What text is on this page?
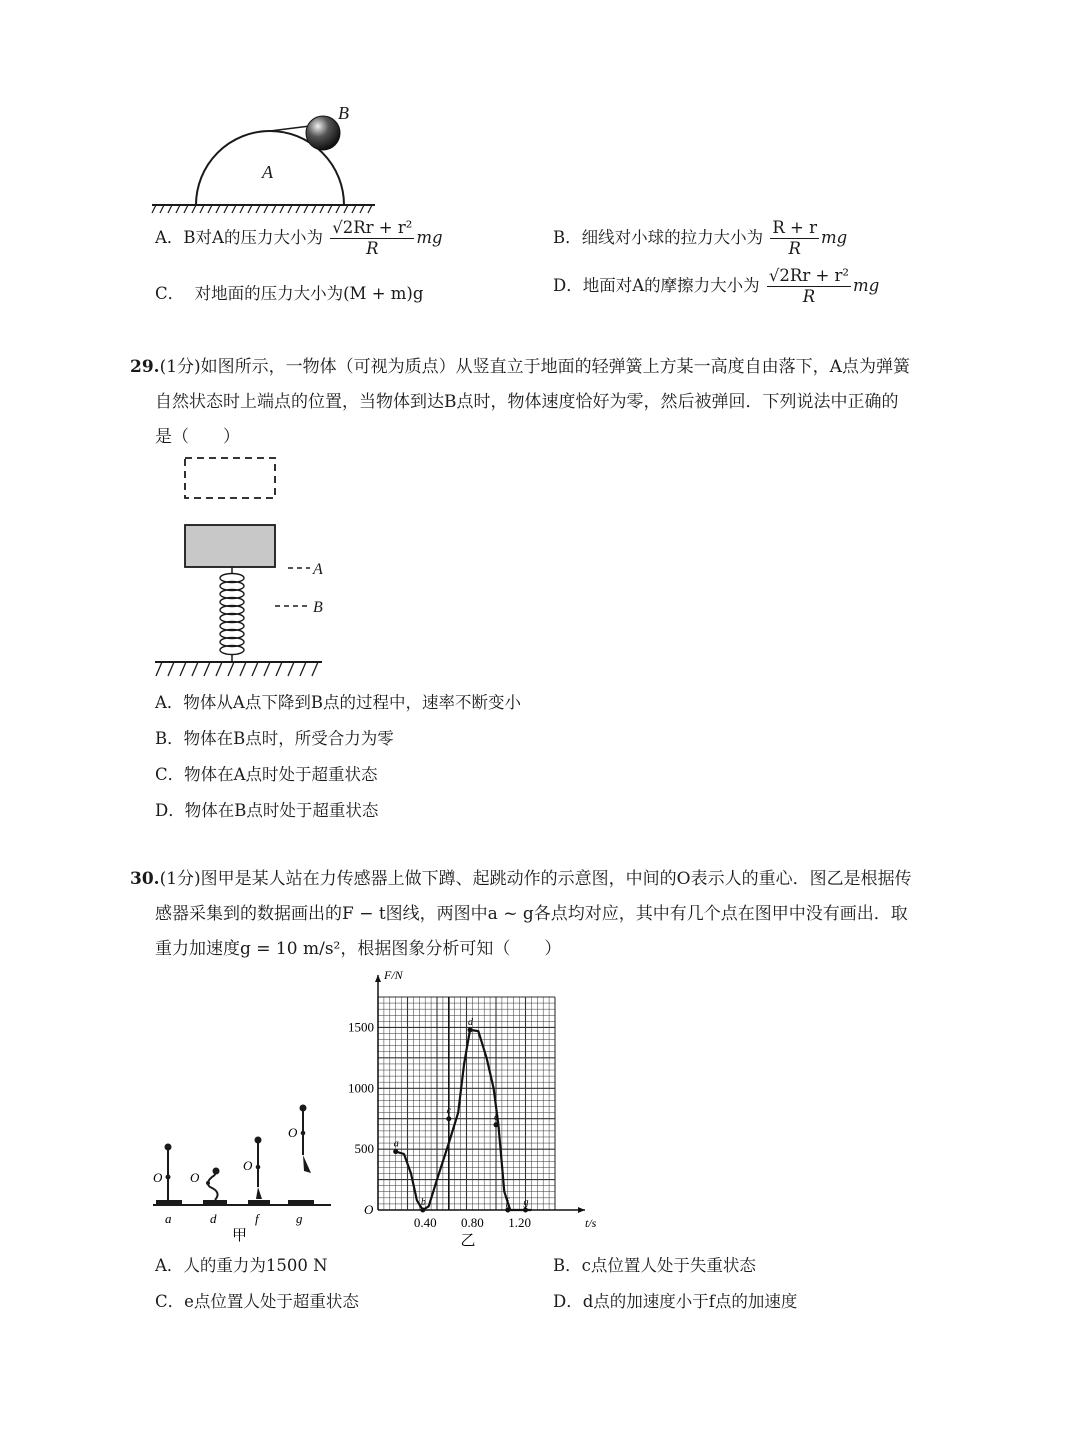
A
B
A．B对A的压力大小为 $\frac{\text{√2Rr + r²}}{R}$ mg	B．细线对小球的拉力大小为 $\frac{R + r}{R}$ mg
C． 对地面的压力大小为(M + m)g	D．地面对A的摩擦力大小为 $\frac{\text{√2Rr + r²}}{R}$ mg
29.(1分)如图所示，一物体（可视为质点）从竖直立于地面的轻弹簧上方某一高度自由落下，A点为弹簧
自然状态时上端点的位置，当物体到达B点时，物体速度恰好为零，然后被弹回．下列说法中正确的
是（　　）
A
B
A．物体从A点下降到B点的过程中，速率不断变小
B．物体在B点时，所受合力为零
C．物体在A点时处于超重状态
D．物体在B点时处于超重状态
30.(1分)图甲是某人站在力传感器上做下蹲、起跳动作的示意图，中间的O表示人的重心．图乙是根据传
感器采集到的数据画出的F − t图线，两图中a ~ g各点均对应，其中有几个点在图甲中没有画出．取
重力加速度g = 10 m/s²，根据图象分析可知（　　）
O
a
O
d
O
f
O
g
甲
F/N
t/s
O
500
1000
1500
0.40 0.80 1.20
a
b
c
d
e
f g
乙
A．人的重力为1500 N	B．c点位置人处于失重状态
C．e点位置人处于超重状态	D．d点的加速度小于f点的加速度
